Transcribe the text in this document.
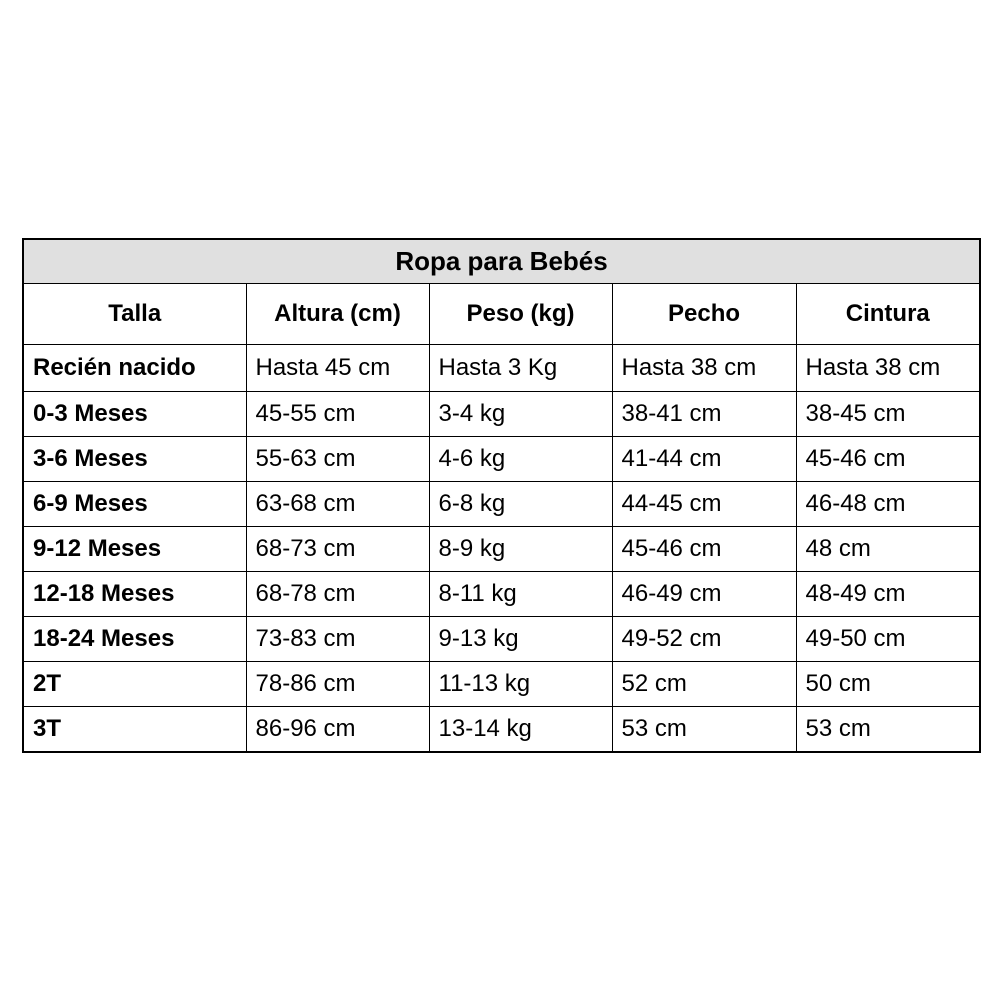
Ropa para Bebés				
Talla	Altura (cm)	Peso (kg)	Pecho	Cintura
Recién nacido	Hasta 45 cm	Hasta 3 Kg	Hasta 38 cm	Hasta 38 cm
0-3 Meses	45-55 cm	3-4 kg	38-41 cm	38-45 cm
3-6 Meses	55-63 cm	4-6 kg	41-44 cm	45-46 cm
6-9 Meses	63-68 cm	6-8 kg	44-45 cm	46-48 cm
9-12 Meses	68-73 cm	8-9 kg	45-46 cm	48 cm
12-18 Meses	68-78 cm	8-11 kg	46-49 cm	48-49 cm
18-24 Meses	73-83 cm	9-13 kg	49-52 cm	49-50 cm
2T	78-86 cm	11-13 kg	52 cm	50 cm
3T	86-96 cm	13-14 kg	53 cm	53 cm
